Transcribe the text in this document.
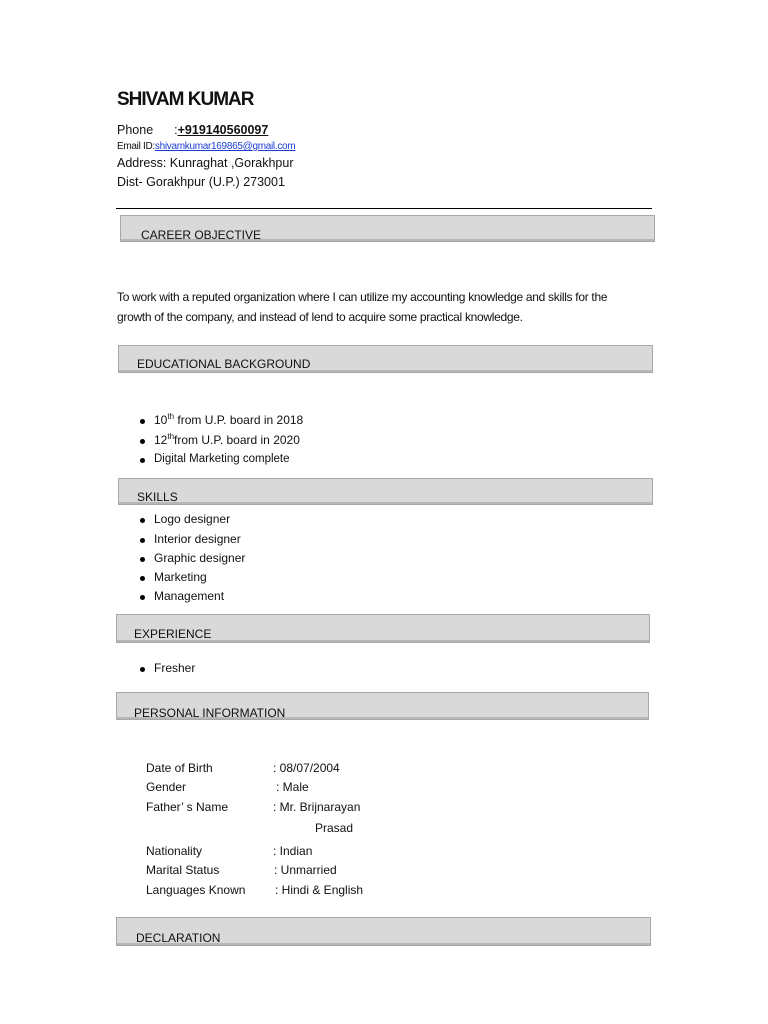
SHIVAM KUMAR
Phone :+919140560097
Email ID:shivamkumar169865@gmail.com
Address: Kunraghat ,Gorakhpur
Dist- Gorakhpur (U.P.) 273001
CAREER OBJECTIVE
To work with a reputed organization where I can utilize my accounting knowledge and skills for the
growth of the company, and instead of lend to acquire some practical knowledge.
EDUCATIONAL BACKGROUND
10th from U.P. board in 2018
12thfrom U.P. board in 2020
Digital Marketing complete
SKILLS
Logo designer
Interior designer
Graphic designer
Marketing
Management
EXPERIENCE
Fresher
PERSONAL INFORMATION
Date of Birth	: 08/07/2004
Gender	: Male
Father’ s Name	: Mr. Brijnarayan
Prasad
Nationality	: Indian
Marital Status	: Unmarried
Languages Known : Hindi & English
DECLARATION
